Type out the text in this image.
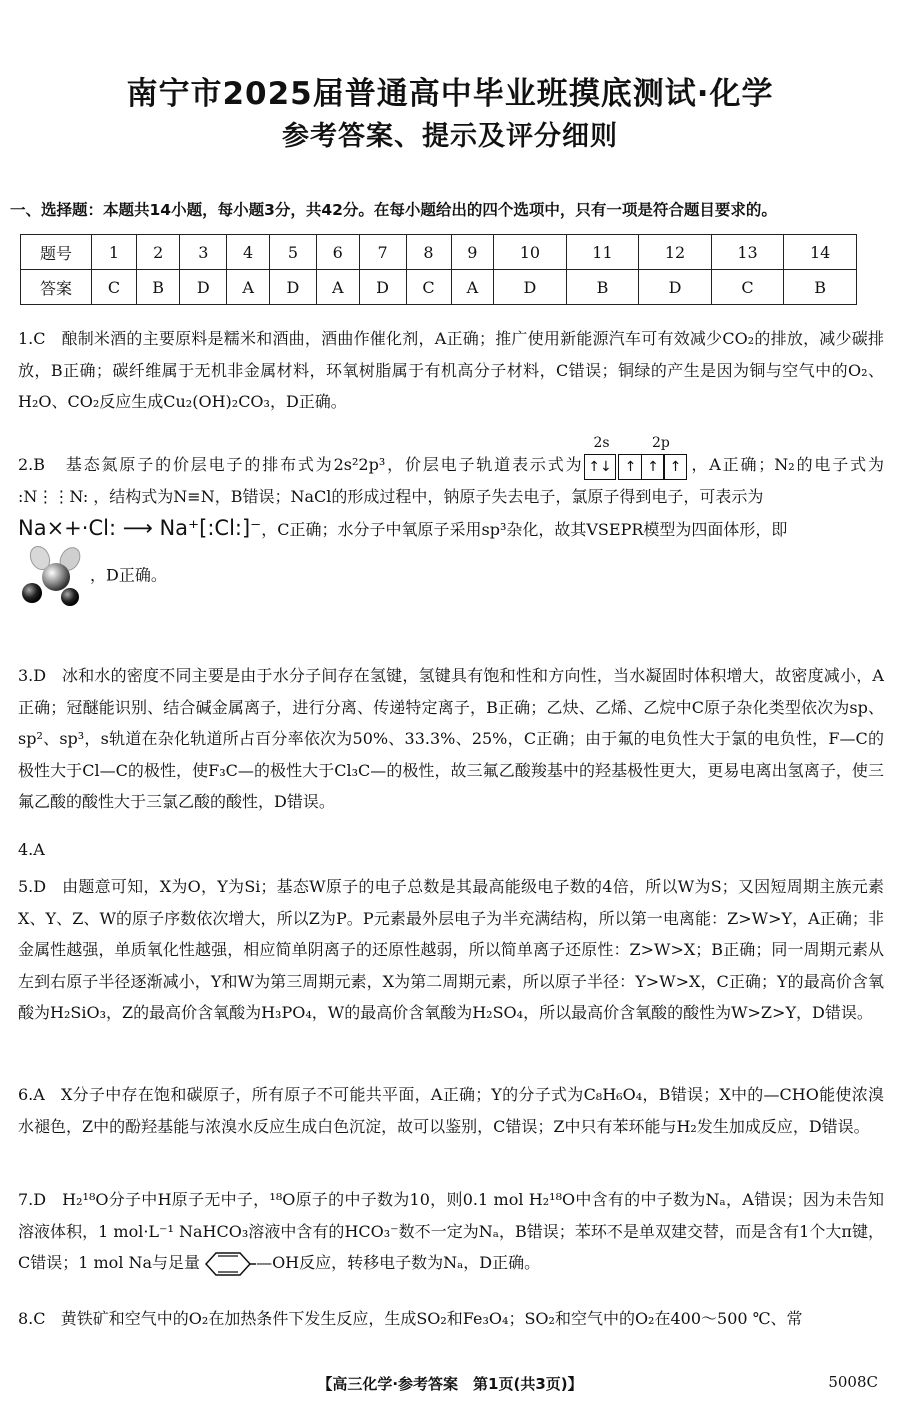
南宁市2025届普通高中毕业班摸底测试·化学
参考答案、提示及评分细则
一、选择题：本题共14小题，每小题3分，共42分。在每小题给出的四个选项中，只有一项是符合题目要求的。
题号	1	2	3	4	5	6	7	8	9	10	11	12	13	14
答案	C	B	D	A	D	A	D	C	A	D	B	D	C	B
1.C 酿制米酒的主要原料是糯米和酒曲，酒曲作催化剂，A正确；推广使用新能源汽车可有效减少CO₂的排放，减少碳排放，B正确；碳纤维属于无机非金属材料，环氧树脂属于有机高分子材料，C错误；铜绿的产生是因为铜与空气中的O₂、H₂O、CO₂反应生成Cu₂(OH)₂CO₃，D正确。
2.B 基态氮原子的价层电子的排布式为2s²2p³，价层电子轨道表示式为
2s
↑↓
2p
↑ ↑ ↑ ，A正确；N₂的电子式为 :N⋮⋮N: ，结构式为N≡N，B错误；NaCl的形成过程中，钠原子失去电子，氯原子得到电子，可表示为
Na×+·Cl: ⟶ Na⁺[:Cl:]⁻，C正确；水分子中氧原子采用sp³杂化，故其VSEPR模型为四面体形，即
，D正确。
3.D 冰和水的密度不同主要是由于水分子间存在氢键，氢键具有饱和性和方向性，当水凝固时体积增大，故密度减小，A正确；冠醚能识别、结合碱金属离子，进行分离、传递特定离子，B正确；乙炔、乙烯、乙烷中C原子杂化类型依次为sp、sp²、sp³，s轨道在杂化轨道所占百分率依次为50%、33.3%、25%，C正确；由于氟的电负性大于氯的电负性，F—C的极性大于Cl—C的极性，使F₃C—的极性大于Cl₃C—的极性，故三氟乙酸羧基中的羟基极性更大，更易电离出氢离子，使三氟乙酸的酸性大于三氯乙酸的酸性，D错误。
4.A
5.D 由题意可知，X为O，Y为Si；基态W原子的电子总数是其最高能级电子数的4倍，所以W为S；又因短周期主族元素X、Y、Z、W的原子序数依次增大，所以Z为P。P元素最外层电子为半充满结构，所以第一电离能：Z>W>Y，A正确；非金属性越强，单质氧化性越强，相应简单阴离子的还原性越弱，所以简单离子还原性：Z>W>X；B正确；同一周期元素从左到右原子半径逐渐减小，Y和W为第三周期元素，X为第二周期元素，所以原子半径：Y>W>X，C正确；Y的最高价含氧酸为H₂SiO₃，Z的最高价含氧酸为H₃PO₄，W的最高价含氧酸为H₂SO₄，所以最高价含氧酸的酸性为W>Z>Y，D错误。
6.A X分子中存在饱和碳原子，所有原子不可能共平面，A正确；Y的分子式为C₈H₆O₄，B错误；X中的—CHO能使浓溴水褪色，Z中的酚羟基能与浓溴水反应生成白色沉淀，故可以鉴别，C错误；Z中只有苯环能与H₂发生加成反应，D错误。
7.D H₂¹⁸O分子中H原子无中子，¹⁸O原子的中子数为10，则0.1 mol H₂¹⁸O中含有的中子数为Nₐ，A错误；因为未告知溶液体积，1 mol·L⁻¹ NaHCO₃溶液中含有的HCO₃⁻数不一定为Nₐ，B错误；苯环不是单双建交替，而是含有1个大π键，C错误；1 mol Na与足量	—OH反应，转移电子数为Nₐ，D正确。
8.C 黄铁矿和空气中的O₂在加热条件下发生反应，生成SO₂和Fe₃O₄；SO₂和空气中的O₂在400～500 ℃、常
【高三化学·参考答案　第1页(共3页)】	5008C
